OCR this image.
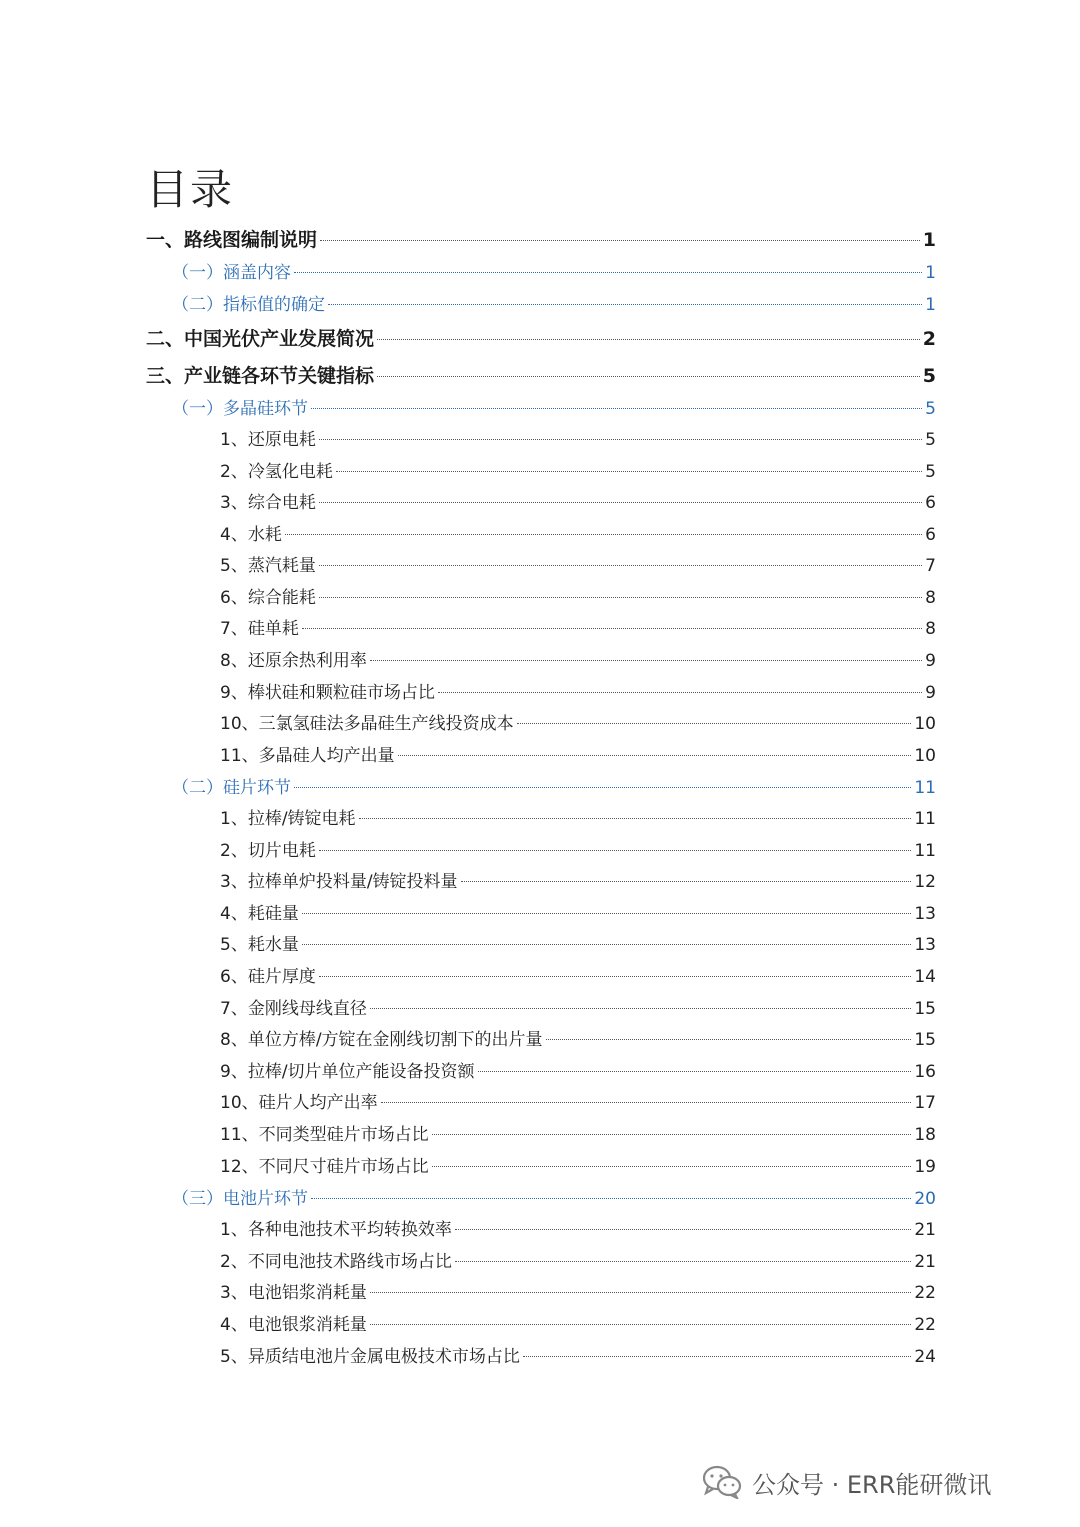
目录
一、路线图编制说明	1
（一）涵盖内容	1
（二）指标值的确定	1
二、中国光伏产业发展简况	2
三、产业链各环节关键指标	5
（一）多晶硅环节	5
1、还原电耗	5
2、冷氢化电耗	5
3、综合电耗	6
4、水耗	6
5、蒸汽耗量	7
6、综合能耗	8
7、硅单耗	8
8、还原余热利用率	9
9、棒状硅和颗粒硅市场占比	9
10、三氯氢硅法多晶硅生产线投资成本	10
11、多晶硅人均产出量	10
（二）硅片环节	11
1、拉棒/铸锭电耗	11
2、切片电耗	11
3、拉棒单炉投料量/铸锭投料量	12
4、耗硅量	13
5、耗水量	13
6、硅片厚度	14
7、金刚线母线直径	15
8、单位方棒/方锭在金刚线切割下的出片量	15
9、拉棒/切片单位产能设备投资额	16
10、硅片人均产出率	17
11、不同类型硅片市场占比	18
12、不同尺寸硅片市场占比	19
（三）电池片环节	20
1、各种电池技术平均转换效率	21
2、不同电池技术路线市场占比	21
3、电池铝浆消耗量	22
4、电池银浆消耗量	22
5、异质结电池片金属电极技术市场占比	24
公众号 · ERR能研微讯
